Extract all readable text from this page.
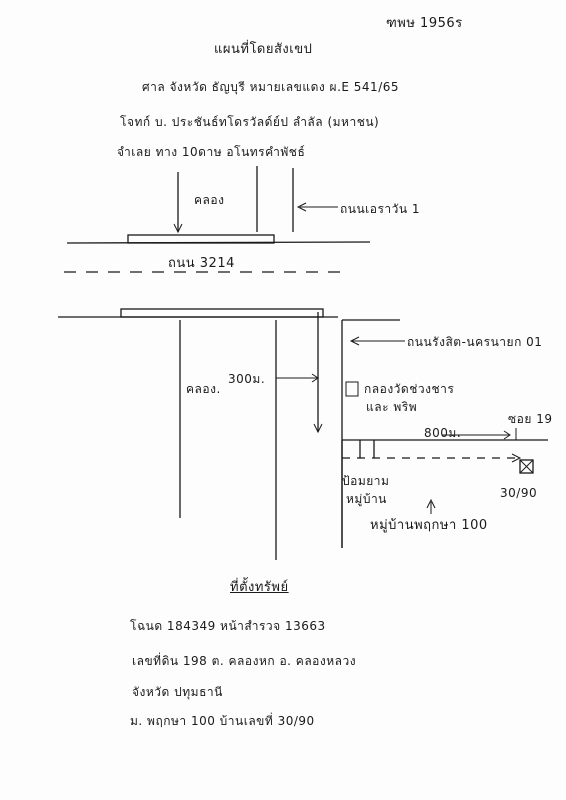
ฑพษ 1956ร
แผนที่โดยสังเขป
ศาล จังหวัด ธัญบุรี หมายเลขแดง ผ.E 541/65
โจทก์ บ. ประชันธ์ทโดรวัลด์ย์ป ลำลัล (มหาชน)
จำเลย ทาง 10ดาษ อโนทรคำพัชธ์
คลอง
ถนนเอราวัน 1
ถนน 3214
300ม.
คลอง.
ถนนรังสิต-นครนายก 01
กลองวัดช่วงชาร
และ พริพ
ซอย 19
800ม.
ป้อมยาม
หมู่บ้าน	30/90
หมู่บ้านพฤกษา 100
ที่ตั้งทรัพย์
โฉนด 184349 หน้าสำรวจ 13663
เลขที่ดิน 198 ต. คลองหก อ. คลองหลวง
จังหวัด ปทุมธานี
ม. พฤกษา 100 บ้านเลขที่ 30/90
